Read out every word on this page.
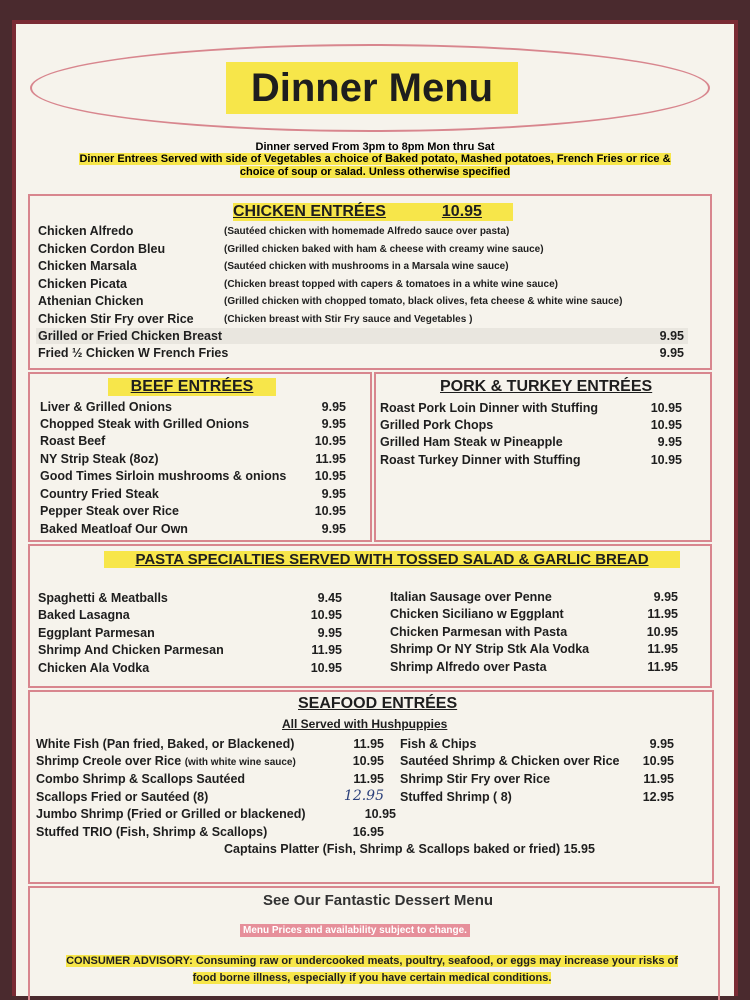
Dinner Menu
Dinner served From 3pm to 8pm Mon thru Sat
Dinner Entrees Served with side of Vegetables a choice of Baked potato, Mashed potatoes, French Fries or rice &
choice of soup or salad. Unless otherwise specified
CHICKEN ENTRÉES	10.95
Chicken Alfredo	(Sautéed chicken with homemade Alfredo sauce over pasta)
Chicken Cordon Bleu	(Grilled chicken baked with ham & cheese with creamy wine sauce)
Chicken Marsala	(Sautéed chicken with mushrooms in a Marsala wine sauce)
Chicken Picata	(Chicken breast topped with capers & tomatoes in a white wine sauce)
Athenian Chicken	(Grilled chicken with chopped tomato, black olives, feta cheese & white wine sauce)
Chicken Stir Fry over Rice	(Chicken breast with Stir Fry sauce and Vegetables )
Grilled or Fried Chicken Breast	9.95
Fried ½ Chicken W French Fries	9.95
BEEF ENTRÉES
Liver & Grilled Onions	9.95
Chopped Steak with Grilled Onions	9.95
Roast Beef	10.95
NY Strip Steak (8oz)	11.95
Good Times Sirloin mushrooms & onions	10.95
Country Fried Steak	9.95
Pepper Steak over Rice	10.95
Baked Meatloaf Our Own	9.95
PORK & TURKEY ENTRÉES
Roast Pork Loin Dinner with Stuffing	10.95
Grilled Pork Chops	10.95
Grilled Ham Steak w Pineapple	9.95
Roast Turkey Dinner with Stuffing	10.95
PASTA SPECIALTIES SERVED WITH TOSSED SALAD & GARLIC BREAD
Spaghetti & Meatballs	9.45
Baked Lasagna	10.95
Eggplant Parmesan	9.95
Shrimp And Chicken Parmesan	11.95
Chicken Ala Vodka	10.95
Italian Sausage over Penne	9.95
Chicken Siciliano w Eggplant	11.95
Chicken Parmesan with Pasta	10.95
Shrimp Or NY Strip Stk Ala Vodka	11.95
Shrimp Alfredo over Pasta	11.95
SEAFOOD ENTRÉES
All Served with Hushpuppies
White Fish (Pan fried, Baked, or Blackened)	11.95
Shrimp Creole over Rice (with white wine sauce)	10.95
Combo Shrimp & Scallops Sautéed	11.95
Scallops Fried or Sautéed (8)	12.95
Jumbo Shrimp (Fried or Grilled or blackened)	10.95
Stuffed TRIO (Fish, Shrimp & Scallops)	16.95
Fish & Chips	9.95
Sautéed Shrimp & Chicken over Rice	10.95
Shrimp Stir Fry over Rice	11.95
Stuffed Shrimp ( 8)	12.95
Captains Platter (Fish, Shrimp & Scallops baked or fried) 15.95
See Our Fantastic Dessert Menu
Menu Prices and availability subject to change.
CONSUMER ADVISORY: Consuming raw or undercooked meats, poultry, seafood, or eggs may increase your risks of
food borne illness, especially if you have certain medical conditions.
